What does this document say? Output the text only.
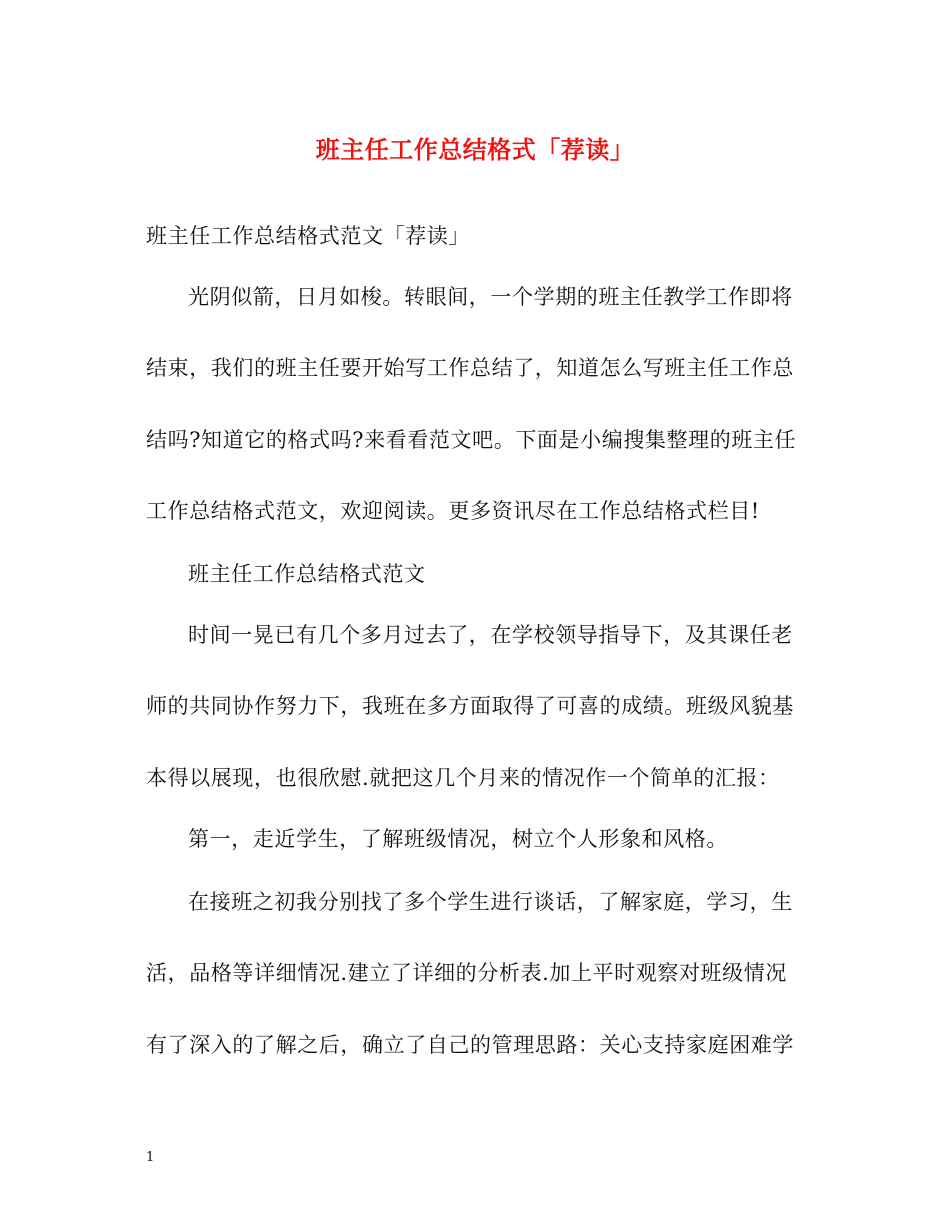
班主任工作总结格式「荐读」
班主任工作总结格式范文「荐读」
光阴似箭，日月如梭。转眼间，一个学期的班主任教学工作即将
结束，我们的班主任要开始写工作总结了，知道怎么写班主任工作总
结吗?知道它的格式吗?来看看范文吧。下面是小编搜集整理的班主任
工作总结格式范文，欢迎阅读。更多资讯尽在工作总结格式栏目!
班主任工作总结格式范文
时间一晃已有几个多月过去了，在学校领导指导下，及其课任老
师的共同协作努力下，我班在多方面取得了可喜的成绩。班级风貌基
本得以展现，也很欣慰.就把这几个月来的情况作一个简单的汇报：
第一，走近学生，了解班级情况，树立个人形象和风格。
在接班之初我分别找了多个学生进行谈话，了解家庭，学习，生
活，品格等详细情况.建立了详细的分析表.加上平时观察对班级情况
有了深入的了解之后，确立了自己的管理思路：关心支持家庭困难学
1
